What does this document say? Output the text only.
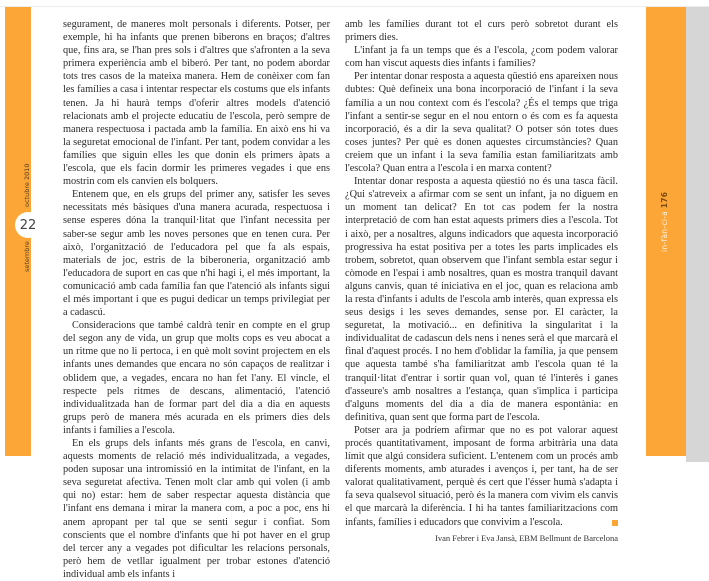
22
octubre 2010
setembre
in-fàn-ci-a 176

segurament, de maneres molt personals i diferents. Potser, per exemple, hi ha infants que prenen biberons en braços; d'altres que, fins ara, se l'han pres sols i d'altres que s'afronten a la seva primera experiència amb el biberó. Per tant, no podem abordar tots tres casos de la mateixa manera. Hem de conèixer com fan les famílies a casa i intentar respectar els costums que els infants tenen. Ja hi haurà temps d'oferir altres models d'atenció relacionats amb el projecte educatiu de l'escola, però sempre de manera respectuosa i pactada amb la família. En això ens hi va la seguretat emocional de l'infant. Per tant, podem convidar a les famílies que siguin elles les que donin els primers àpats a l'escola, que els facin dormir les primeres vegades i que ens mostrin com els canvien els bolquers.

Entenem que, en els grups del primer any, satisfer les seves necessitats més bàsiques d'una manera acurada, respectuosa i sense esperes dóna la tranquil·litat que l'infant necessita per saber-se segur amb les noves persones que en tenen cura. Per això, l'organització de l'educadora pel que fa als espais, materials de joc, estris de la biberoneria, organització amb l'educadora de suport en cas que n'hi hagi i, el més important, la comunicació amb cada família fan que l'atenció als infants sigui el més important i que es pugui dedicar un temps privilegiat per a cadascú.

Consideracions que també caldrà tenir en compte en el grup del segon any de vida, un grup que molts cops es veu abocat a un ritme que no li pertoca, i en què molt sovint projectem en els infants unes demandes que encara no són capaços de realitzar i oblidem que, a vegades, encara no han fet l'any. El vincle, el respecte pels ritmes de descans, alimentació, l'atenció individualitzada han de formar part del dia a dia en aquests grups però de manera més acurada en els primers dies dels infants i famílies a l'escola.

En els grups dels infants més grans de l'escola, en canvi, aquests moments de relació més individualitzada, a vegades, poden suposar una intromissió en la intimitat de l'infant, en la seva seguretat afectiva. Tenen molt clar amb qui volen (i amb qui no) estar: hem de saber respectar aquesta distància que l'infant ens demana i mirar la manera com, a poc a poc, ens hi anem apropant per tal que se senti segur i confiat. Som conscients que el nombre d'infants que hi pot haver en el grup del tercer any a vegades pot dificultar les relacions personals, però hem de vetllar igualment per trobar estones d'atenció individual amb els infants i

amb les famílies durant tot el curs però sobretot durant els primers dies.

L'infant ja fa un temps que és a l'escola, ¿com podem valorar com han viscut aquests dies infants i famílies?

Per intentar donar resposta a aquesta qüestió ens apareixen nous dubtes: Què defineix una bona incorporació de l'infant i la seva família a un nou context com és l'escola? ¿És el temps que triga l'infant a sentir-se segur en el nou entorn o és com es fa aquesta incorporació, és a dir la seva qualitat? O potser són totes dues coses juntes? Per què es donen aquestes circumstàncies? Quan creiem que un infant i la seva família estan familiaritzats amb l'escola? Quan entra a l'escola i en marxa content?

Intentar donar resposta a aquesta qüestió no és una tasca fàcil. ¿Qui s'atreveix a afirmar com se sent un infant, ja no diguem en un moment tan delicat? En tot cas podem fer la nostra interpretació de com han estat aquests primers dies a l'escola. Tot i això, per a nosaltres, alguns indicadors que aquesta incorporació progressiva ha estat positiva per a totes les parts implicades els trobem, sobretot, quan observem que l'infant sembla estar segur i còmode en l'espai i amb nosaltres, quan es mostra tranquil davant alguns canvis, quan té iniciativa en el joc, quan es relaciona amb la resta d'infants i adults de l'escola amb interès, quan expressa els seus desigs i les seves demandes, sense por. El caràcter, la seguretat, la motivació... en definitiva la singularitat i la individualitat de cadascun dels nens i nenes serà el que marcarà el final d'aquest procés. I no hem d'oblidar la família, ja que pensem que aquesta també s'ha familiaritzat amb l'escola quan té la tranquil·litat d'entrar i sortir quan vol, quan té l'interès i ganes d'asseure's amb nosaltres a l'estança, quan s'implica i participa d'alguns moments del dia a dia de manera espontània: en definitiva, quan sent que forma part de l'escola.

Potser ara ja podríem afirmar que no es pot valorar aquest procés quantitativament, imposant de forma arbitrària una data límit que algú considera suficient. L'entenem com un procés amb diferents moments, amb aturades i avenços i, per tant, ha de ser valorat qualitativament, perquè és cert que l'ésser humà s'adapta i fa seva qualsevol situació, però és la manera com vivim els canvis el que marcarà la diferència. I hi ha tantes familiaritzacions com infants, famílies i educadors que convivim a l'escola.

Ivan Febrer i Eva Jansà, EBM Bellmunt de Barcelona
